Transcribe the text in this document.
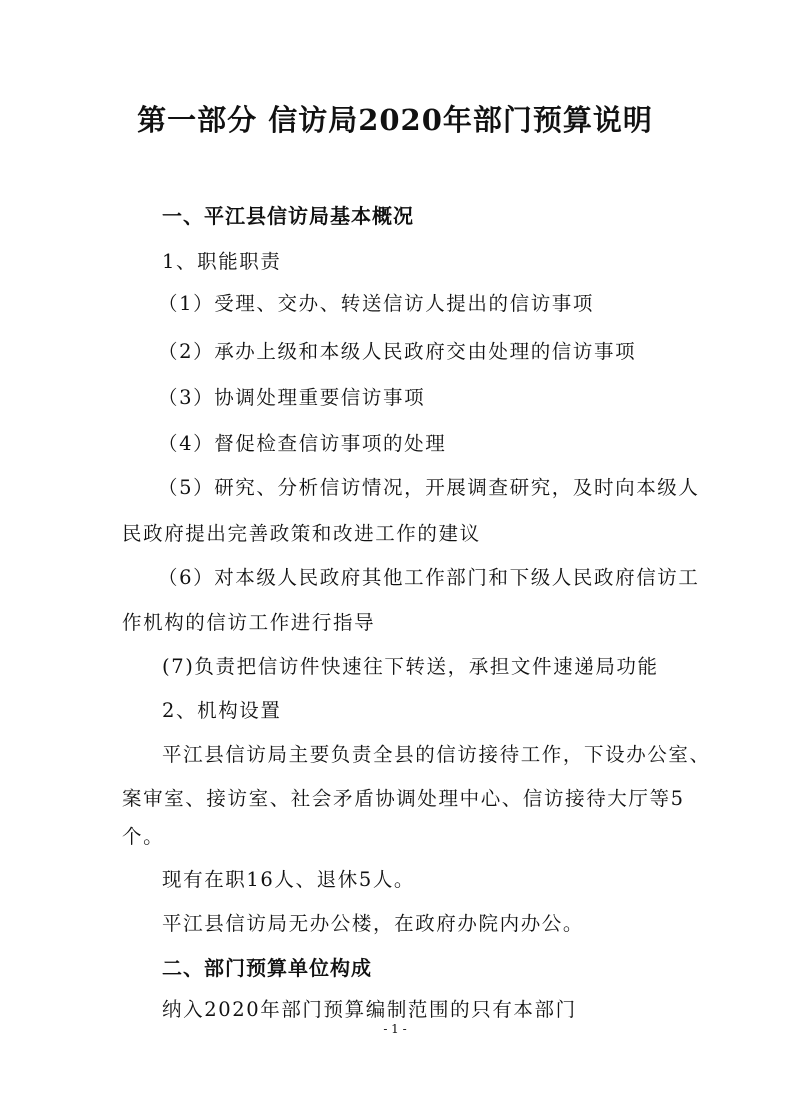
第一部分 信访局2020年部门预算说明
一、平江县信访局基本概况
1、职能职责
（1）受理、交办、转送信访人提出的信访事项
（2）承办上级和本级人民政府交由处理的信访事项
（3）协调处理重要信访事项
（4）督促检查信访事项的处理
（5）研究、分析信访情况，开展调查研究，及时向本级人
民政府提出完善政策和改进工作的建议
（6）对本级人民政府其他工作部门和下级人民政府信访工
作机构的信访工作进行指导
(7)负责把信访件快速往下转送，承担文件速递局功能
2、机构设置
平江县信访局主要负责全县的信访接待工作，下设办公室、
案审室、接访室、社会矛盾协调处理中心、信访接待大厅等5
个。
现有在职16人、退休5人。
平江县信访局无办公楼，在政府办院内办公。
二、部门预算单位构成
纳入2020年部门预算编制范围的只有本部门
- 1 -
